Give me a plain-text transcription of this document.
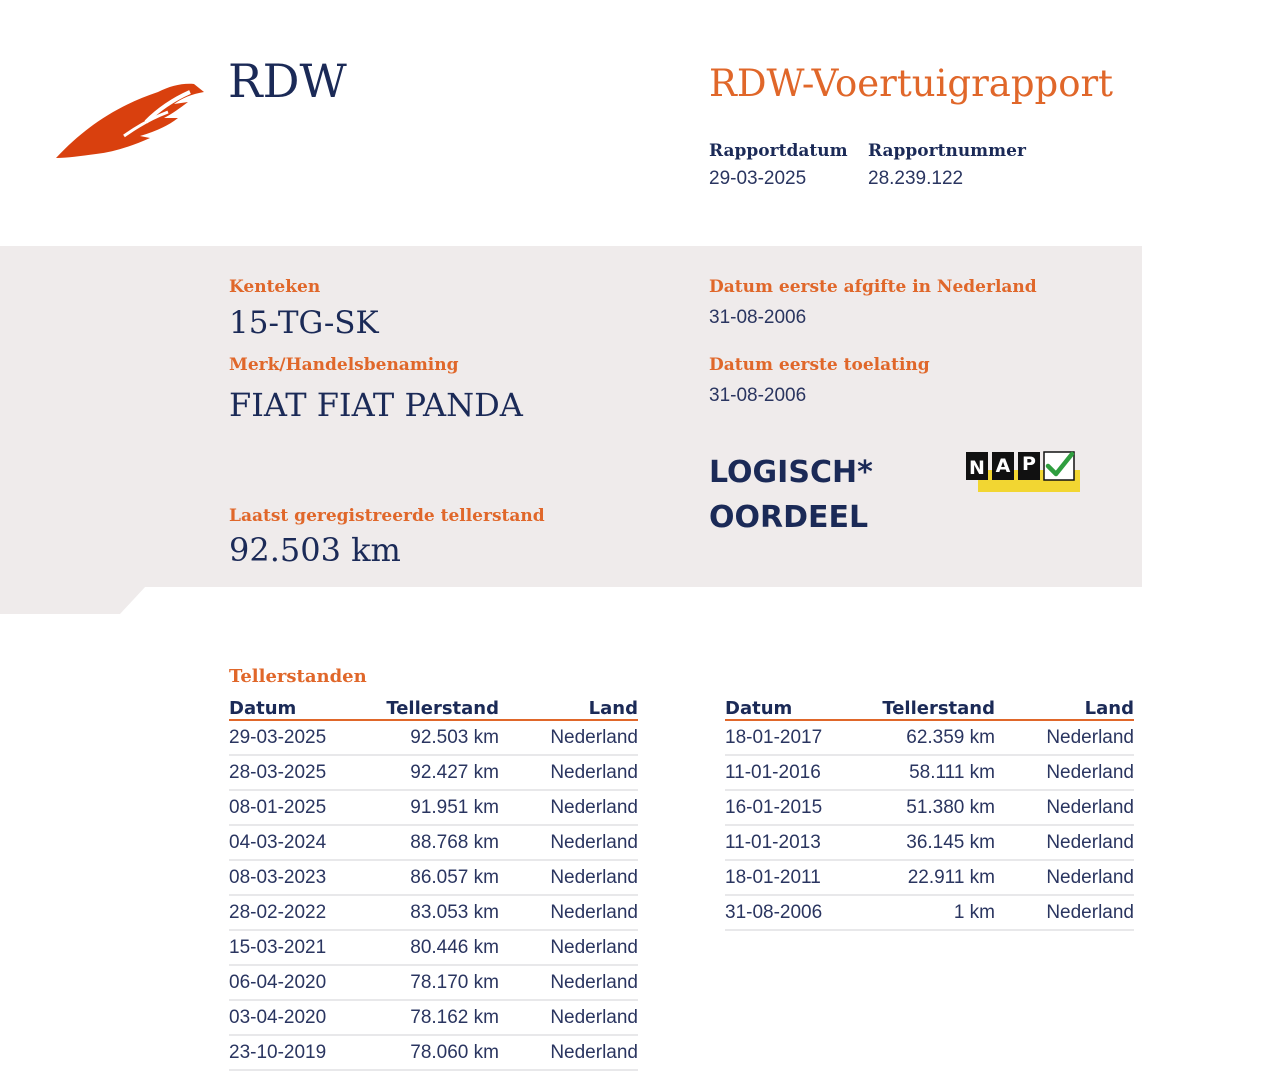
RDW	RDW-Voertuigrapport
Rapportdatum
29-03-2025
Rapportnummer
28.239.122
Kenteken
15-TG-SK
Merk/Handelsbenaming
FIAT FIAT PANDA
Laatst geregistreerde tellerstand
92.503 km
Datum eerste afgifte in Nederland
31-08-2006
Datum eerste toelating
31-08-2006
LOGISCH*
OORDEEL
N A P
Tellerstanden
Datum	Tellerstand	Land
29-03-2025	92.503 km	Nederland
28-03-2025	92.427 km	Nederland
08-01-2025	91.951 km	Nederland
04-03-2024	88.768 km	Nederland
08-03-2023	86.057 km	Nederland
28-02-2022	83.053 km	Nederland
15-03-2021	80.446 km	Nederland
06-04-2020	78.170 km	Nederland
03-04-2020	78.162 km	Nederland
23-10-2019	78.060 km	Nederland
Datum	Tellerstand	Land
18-01-2017	62.359 km	Nederland
11-01-2016	58.111 km	Nederland
16-01-2015	51.380 km	Nederland
11-01-2013	36.145 km	Nederland
18-01-2011	22.911 km	Nederland
31-08-2006	1 km	Nederland
